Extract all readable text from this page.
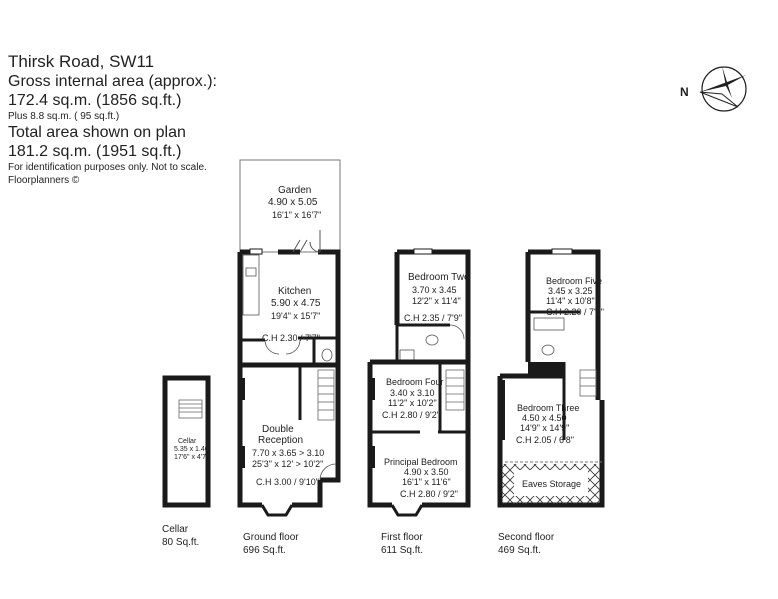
Thirsk Road, SW11
Gross internal area (approx.):
172.4 sq.m. (1856 sq.ft.)
Plus 8.8 sq.m. ( 95 sq.ft.)
Total area shown on plan
181.2 sq.m. (1951 sq.ft.)
For identification purposes only. Not to scale.
Floorplanners ©
N
Garden
4.90 x 5.05
16'1" x 16'7"
Kitchen
5.90 x 4.75
19'4" x 15'7"
C.H 2.30 / 7'7"
Double
Reception
7.70 x 3.65 > 3.10
25'3" x 12' > 10'2"
C.H 3.00 / 9'10"
Cellar
5.35 x 1.40
17'6" x 4'7"
Bedroom Two
3.70 x 3.45
12'2" x 11'4"
C.H 2.35 / 7'9"
Bedroom Four
3.40 x 3.10
11'2" x 10'2"
C.H 2.80 / 9'2"
Principal Bedroom
4.90 x 3.50
16'1" x 11'6"
C.H 2.80 / 9'2"
Bedroom Five
3.45 x 3.25
11'4" x 10'8"
C.H 2.20 / 7'3"
Bedroom Three
4.50 x 4.50
14'9" x 14'9"
C.H 2.05 / 6'8"
Eaves Storage
Cellar
80 Sq.ft.	Ground floor
696 Sq.ft.
First floor
611 Sq.ft.
Second floor
469 Sq.ft.
